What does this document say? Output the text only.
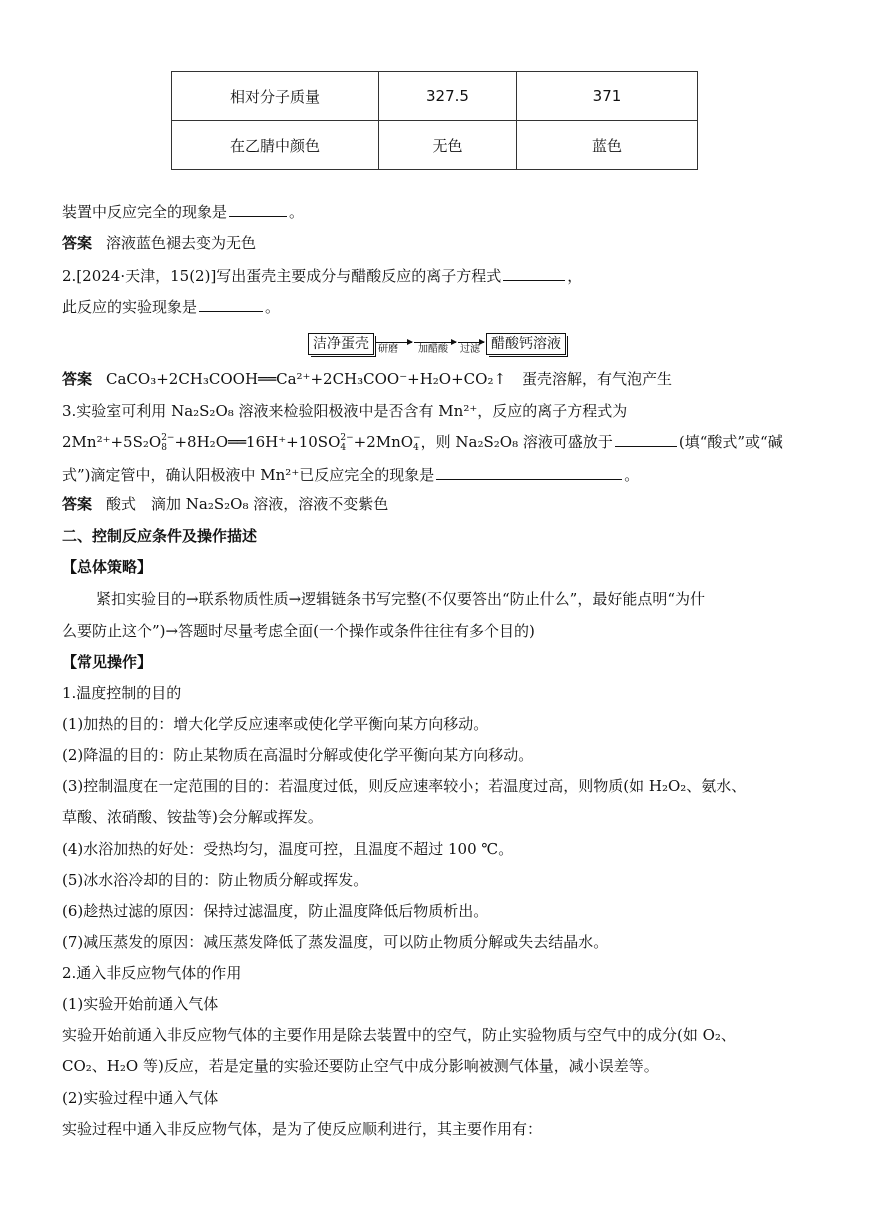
相对分子质量	327.5	371
在乙腈中颜色	无色	蓝色
装置中反应完全的现象是	。
答案 溶液蓝色褪去变为无色
2.[2024·天津，15(2)]写出蛋壳主要成分与醋酸反应的离子方程式	，
此反应的实验现象是	。
洁净蛋壳 研磨 加醋酸 过滤 醋酸钙溶液
答案 CaCO₃+2CH₃COOH══Ca²⁺+2CH₃COO⁻+H₂O+CO₂↑ 蛋壳溶解，有气泡产生
3.实验室可利用 Na₂S₂O₈ 溶液来检验阳极液中是否含有 Mn²⁺，反应的离子方程式为
2Mn²⁺+5S₂O 2−
8 +8H₂O══16H⁺+10SO 2−
4 +2MnO −
4 ，则 Na₂S₂O₈ 溶液可盛放于	(填“酸式”或“碱
式”)滴定管中，确认阳极液中 Mn²⁺已反应完全的现象是	。
答案 酸式　滴加 Na₂S₂O₈ 溶液，溶液不变紫色
二、控制反应条件及操作描述
【总体策略】
紧扣实验目的→联系物质性质→逻辑链条书写完整(不仅要答出“防止什么”，最好能点明“为什
么要防止这个”)→答题时尽量考虑全面(一个操作或条件往往有多个目的)
【常见操作】
1.温度控制的目的
(1)加热的目的：增大化学反应速率或使化学平衡向某方向移动。
(2)降温的目的：防止某物质在高温时分解或使化学平衡向某方向移动。
(3)控制温度在一定范围的目的：若温度过低，则反应速率较小；若温度过高，则物质(如 H₂O₂、氨水、
草酸、浓硝酸、铵盐等)会分解或挥发。
(4)水浴加热的好处：受热均匀，温度可控，且温度不超过 100 ℃。
(5)冰水浴冷却的目的：防止物质分解或挥发。
(6)趁热过滤的原因：保持过滤温度，防止温度降低后物质析出。
(7)减压蒸发的原因：减压蒸发降低了蒸发温度，可以防止物质分解或失去结晶水。
2.通入非反应物气体的作用
(1)实验开始前通入气体
实验开始前通入非反应物气体的主要作用是除去装置中的空气，防止实验物质与空气中的成分(如 O₂、
CO₂、H₂O 等)反应，若是定量的实验还要防止空气中成分影响被测气体量，减小误差等。
(2)实验过程中通入气体
实验过程中通入非反应物气体，是为了使反应顺利进行，其主要作用有：
